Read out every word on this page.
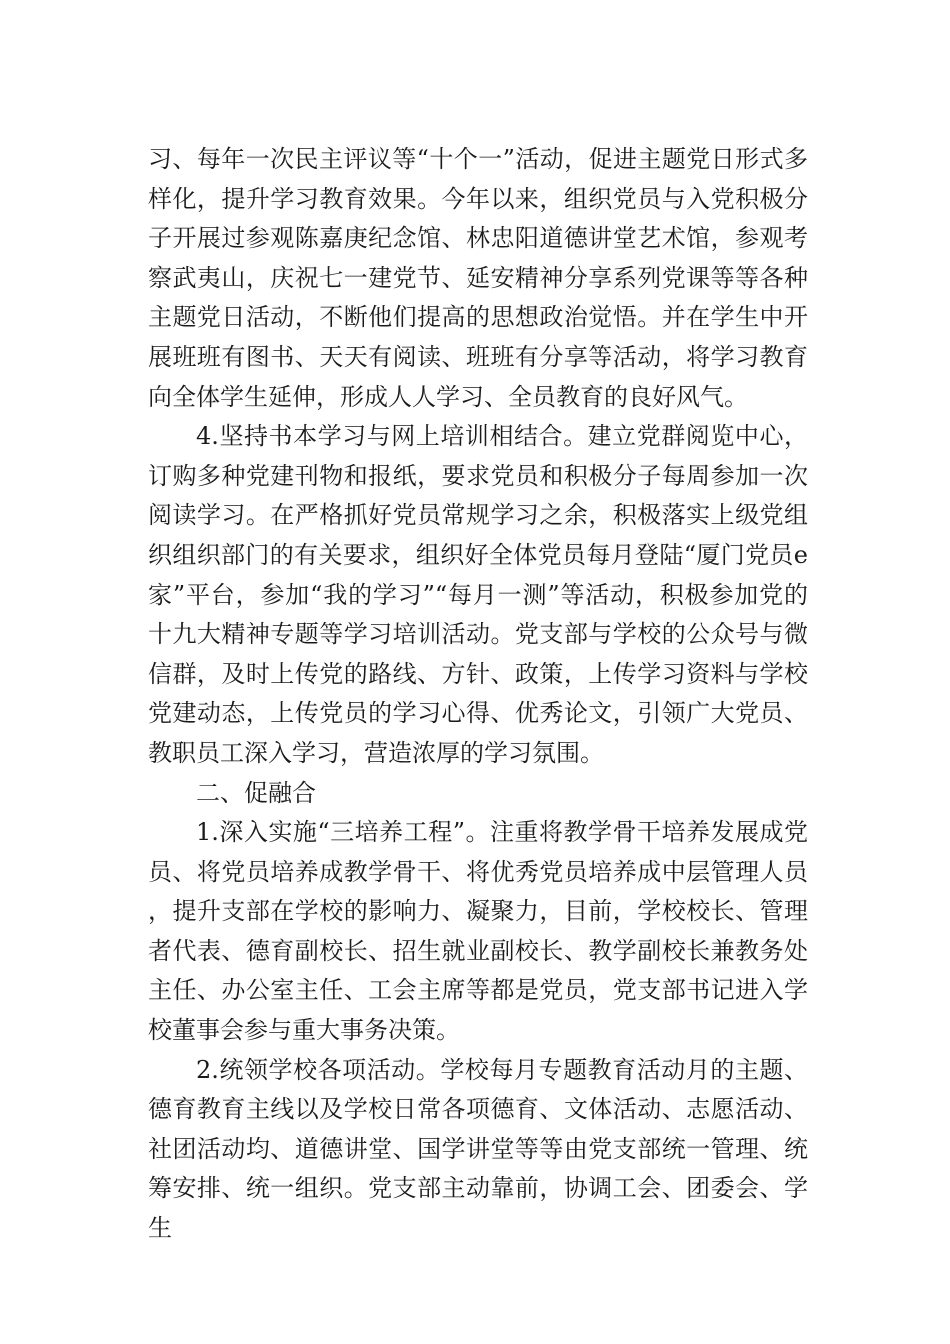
习、每年一次民主评议等“十个一”活动，促进主题党日形式多样化，提升学习教育效果。今年以来，组织党员与入党积极分子开展过参观陈嘉庚纪念馆、林忠阳道德讲堂艺术馆，参观考察武夷山，庆祝七一建党节、延安精神分享系列党课等等各种主题党日活动，不断他们提高的思想政治觉悟。并在学生中开展班班有图书、天天有阅读、班班有分享等活动，将学习教育向全体学生延伸，形成人人学习、全员教育的良好风气。

4.坚持书本学习与网上培训相结合。建立党群阅览中心，订购多种党建刊物和报纸，要求党员和积极分子每周参加一次阅读学习。在严格抓好党员常规学习之余，积极落实上级党组织组织部门的有关要求，组织好全体党员每月登陆“厦门党员e家”平台，参加“我的学习”“每月一测”等活动，积极参加党的十九大精神专题等学习培训活动。党支部与学校的公众号与微信群，及时上传党的路线、方针、政策，上传学习资料与学校党建动态，上传党员的学习心得、优秀论文，引领广大党员、教职员工深入学习，营造浓厚的学习氛围。

二、促融合

1.深入实施“三培养工程”。注重将教学骨干培养发展成党员、将党员培养成教学骨干、将优秀党员培养成中层管理人员，提升支部在学校的影响力、凝聚力，目前，学校校长、管理者代表、德育副校长、招生就业副校长、教学副校长兼教务处主任、办公室主任、工会主席等都是党员，党支部书记进入学校董事会参与重大事务决策。

2.统领学校各项活动。学校每月专题教育活动月的主题、德育教育主线以及学校日常各项德育、文体活动、志愿活动、社团活动均、道德讲堂、国学讲堂等等由党支部统一管理、统筹安排、统一组织。党支部主动靠前，协调工会、团委会、学生
